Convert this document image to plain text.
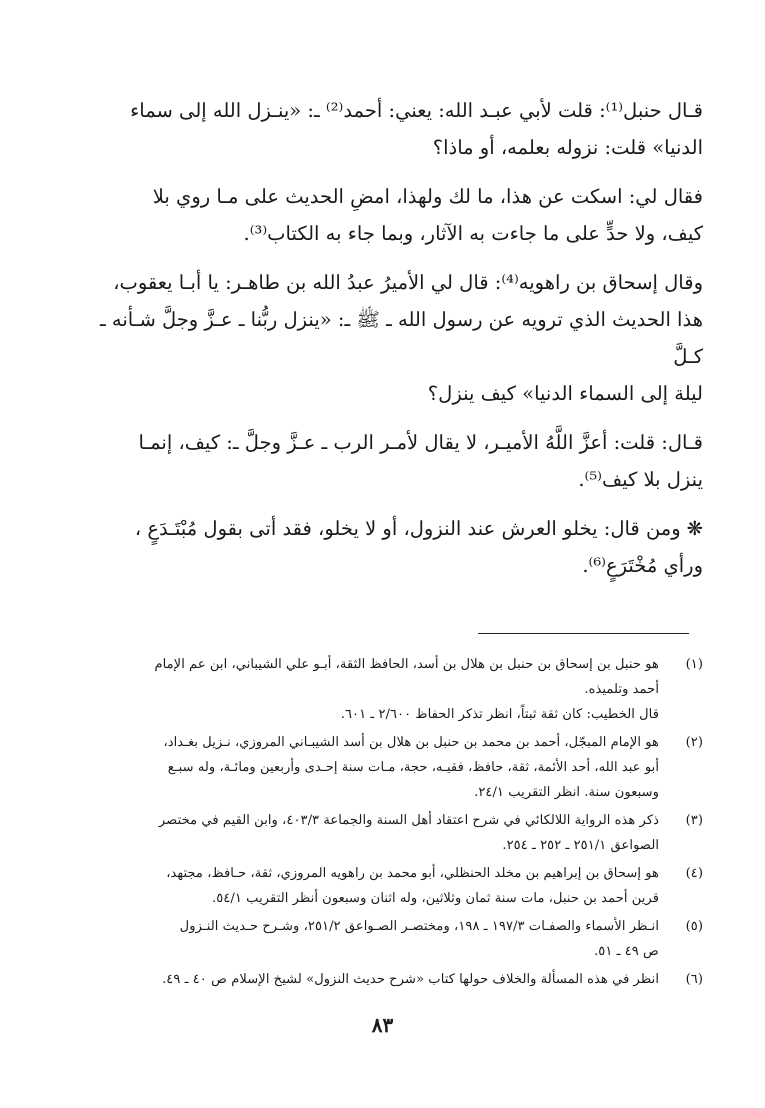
قـال حنبل⁽¹⁾: قلت لأبي عبـد الله: يعني: أحمد⁽²⁾ ـ: «ينـزل الله إلى سماء

الدنيا» قلت: نزوله بعلمه، أو ماذا؟

فقال لي: اسكت عن هذا، ما لك ولهذا، امضِ الحديث على مـا روي بلا

كيف، ولا حدٍّ على ما جاءت به الآثار، وبما جاء به الكتاب⁽³⁾.

وقال إسحاق بن راهويه⁽⁴⁾: قال لي الأميرُ عبدُ الله بن طاهـر: يا أبـا يعقوب،

هذا الحديث الذي ترويه عن رسول الله ـ ﷺ ـ: «ينزل ربُّنا ـ عـزَّ وجلَّ شـأنه ـ كـلَّ

ليلة إلى السماء الدنيا» كيف ينزل؟

قـال: قلت: أعزَّ اللَّهُ الأميـر، لا يقال لأمـر الرب ـ عـزَّ وجلَّ ـ: كيف، إنمـا

ينزل بلا كيف⁽⁵⁾.

❋ومن قال: يخلو العرش عند النزول، أو لا يخلو، فقد أتى بقول مُبْتَـدَعٍ ،

ورأي مُخْتَرَعٍ⁽⁶⁾.

(١)

هو حنبل بن إسحاق بن حنبل بن هلال بن أسد، الحافظ الثقة، أبـو علي الشيباني، ابن عم الإمام

أحمد وتلميذه.

قال الخطيب: كان ثقة ثبتاً، انظر تذكر الحفاظ ٢/٦٠٠ ـ ٦٠١.

(٢)

هو الإمام المبجّل، أحمد بن محمد بن حنبل بن هلال بن أسد الشيبـاني المروزي، نـزيل بغـداد،

أبو عبد الله، أحد الأئمة، ثقة، حافظ، فقيـه، حجة، مـات سنة إحـدى وأربعين ومائـة، وله سبـع

وسبعون سنة. انظر التقريب ٢٤/١.

(٣)

ذكر هذه الرواية اللالكائي في شرح اعتقاد أهل السنة والجماعة ٤٠٣/٣، وابن القيم في مختصر

الصواعق ٢٥١/١ ـ ٢٥٢ ـ ٢٥٤.

(٤)

هو إسحاق بن إبراهيم بن مخلد الحنظلي، أبو محمد بن راهويه المروزي، ثقة، حـافظ، مجتهد،

قرين أحمد بن حنبل، مات سنة ثمان وثلاثين، وله اثنان وسبعون أنظر التقريب ٥٤/١.

(٥)

انـظر الأسماء والصفـات ١٩٧/٣ ـ ١٩٨، ومختصـر الصـواعق ٢٥١/٢، وشـرح حـديث النـزول

ص ٤٩ ـ ٥١.

(٦)

انظر في هذه المسألة والخلاف حولها كتاب «شرح حديث النزول» لشيخ الإسلام ص ٤٠ ـ ٤٩.

٨٣
